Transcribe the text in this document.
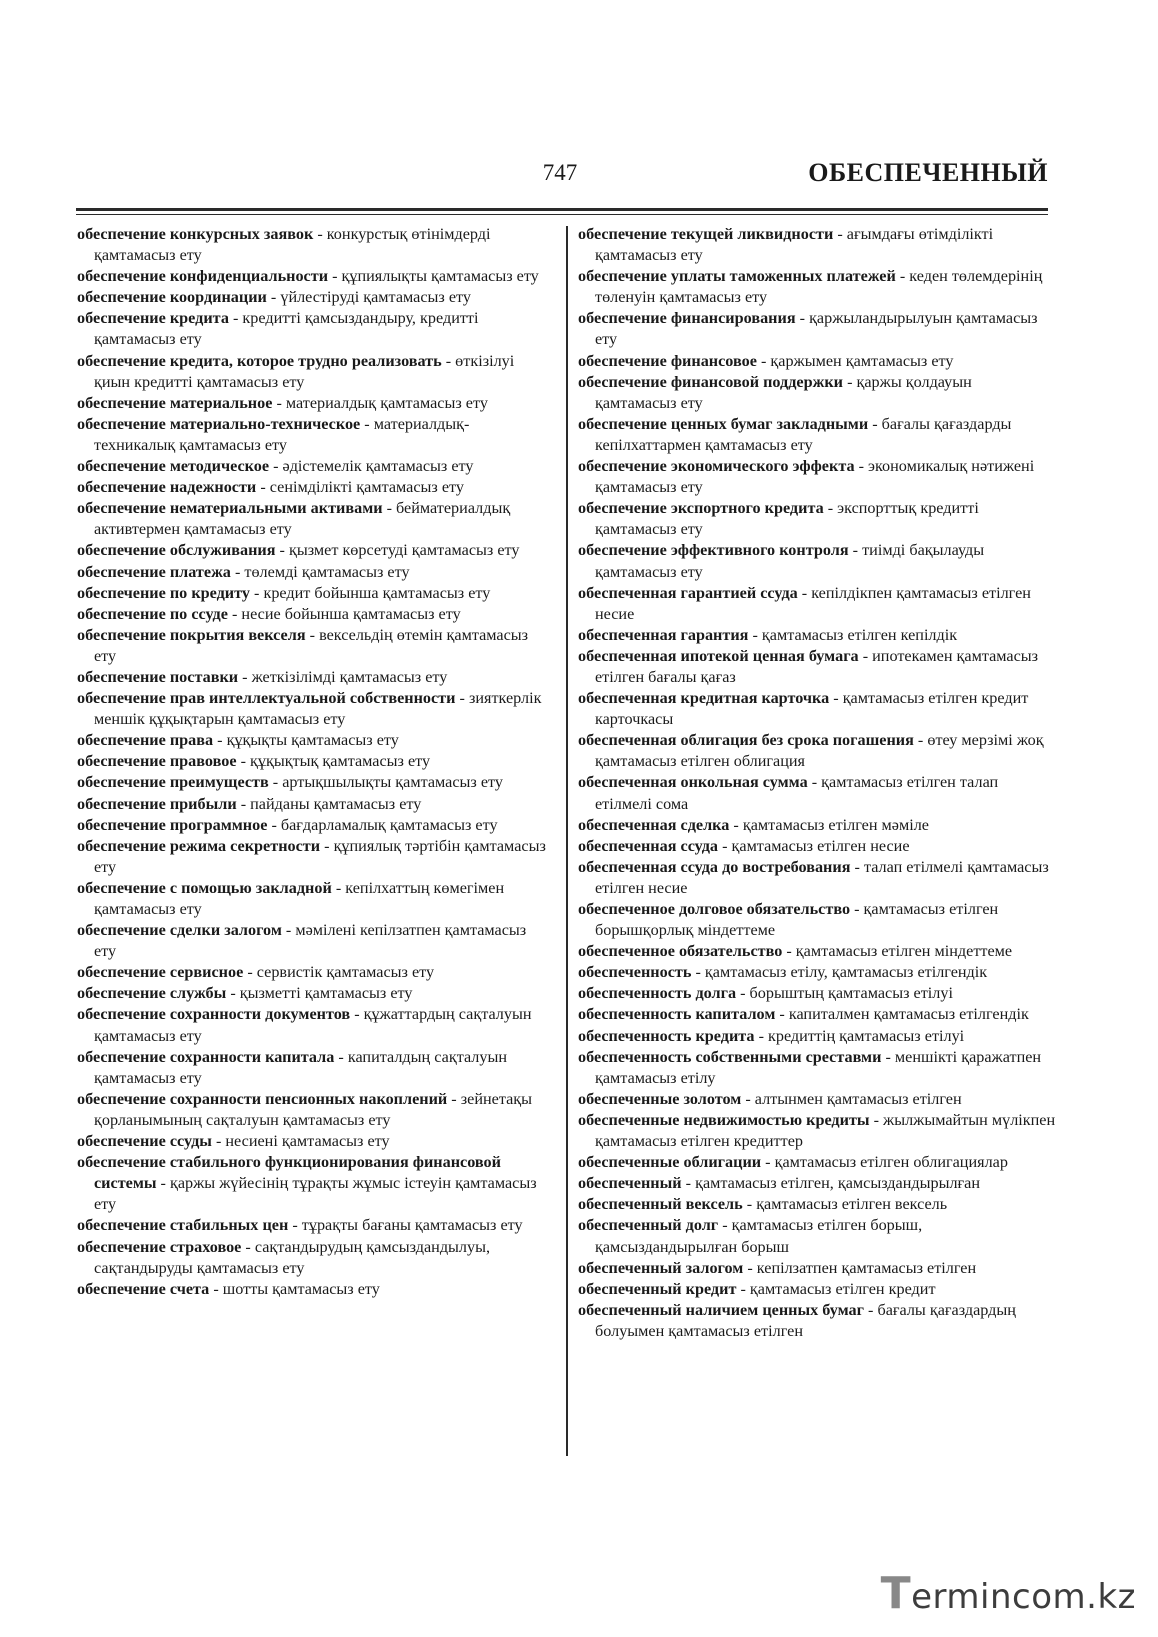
747	ОБЕСПЕЧЕННЫЙ
обеспечение конкурсных заявок - конкурстық өтінімдерді қамтамасыз ету
обеспечение конфиденциальности - құпиялықты қамтамасыз ету
обеспечение координации - үйлестіруді қамтамасыз ету
обеспечение кредита - кредитті қамсыздандыру, кредитті қамтамасыз ету
обеспечение кредита, которое трудно реализовать - өткізілуі қиын кредитті қамтамасыз ету
обеспечение материальное - материалдық қамтамасыз ету
обеспечение материально-техническое - материалдық-техникалық қамтамасыз ету
обеспечение методическое - әдістемелік қамтамасыз ету
обеспечение надежности - сенімділікті қамтамасыз ету
обеспечение нематериальными активами - бейматериалдық активтермен қамтамасыз ету
обеспечение обслуживания - қызмет көрсетуді қамтамасыз ету
обеспечение платежа - төлемді қамтамасыз ету
обеспечение по кредиту - кредит бойынша қамтамасыз ету
обеспечение по ссуде - несие бойынша қамтамасыз ету
обеспечение покрытия векселя - вексельдің өтемін қамтамасыз ету
обеспечение поставки - жеткізілімді қамтамасыз ету
обеспечение прав интеллектуальной собственности - зияткерлік меншік құқықтарын қамтамасыз ету
обеспечение права - құқықты қамтамасыз ету
обеспечение правовое - құқықтық қамтамасыз ету
обеспечение преимуществ - артықшылықты қамтамасыз ету
обеспечение прибыли - пайданы қамтамасыз ету
обеспечение программное - бағдарламалық қамтамасыз ету
обеспечение режима секретности - құпиялық тәртібін қамтамасыз ету
обеспечение с помощью закладной - кепілхаттың көмегімен қамтамасыз ету
обеспечение сделки залогом - мәмілені кепілзатпен қамтамасыз ету
обеспечение сервисное - сервистік қамтамасыз ету
обеспечение службы - қызметті қамтамасыз ету
обеспечение сохранности документов - құжаттардың сақталуын қамтамасыз ету
обеспечение сохранности капитала - капиталдың сақталуын қамтамасыз ету
обеспечение сохранности пенсионных накоплений - зейнетақы қорланымының сақталуын қамтамасыз ету
обеспечение ссуды - несиені қамтамасыз ету
обеспечение стабильного функционирования финансовой системы - қаржы жүйесінің тұрақты жұмыс істеуін қамтамасыз ету
обеспечение стабильных цен - тұрақты бағаны қамтамасыз ету
обеспечение страховое - сақтандырудың қамсыздандылуы, сақтандыруды қамтамасыз ету
обеспечение счета - шотты қамтамасыз ету
обеспечение текущей ликвидности - ағымдағы өтімділікті қамтамасыз ету
обеспечение уплаты таможенных платежей - кеден төлемдерінің төленуін қамтамасыз ету
обеспечение финансирования - қаржыландырылуын қамтамасыз ету
обеспечение финансовое - қаржымен қамтамасыз ету
обеспечение финансовой поддержки - қаржы қолдауын қамтамасыз ету
обеспечение ценных бумаг закладными - бағалы қағаздарды кепілхаттармен қамтамасыз ету
обеспечение экономического эффекта - экономикалық нәтижені қамтамасыз ету
обеспечение экспортного кредита - экспорттық кредитті қамтамасыз ету
обеспечение эффективного контроля - тиімді бақылауды қамтамасыз ету
обеспеченная гарантией ссуда - кепілдікпен қамтамасыз етілген несие
обеспеченная гарантия - қамтамасыз етілген кепілдік
обеспеченная ипотекой ценная бумага - ипотекамен қамтамасыз етілген бағалы қағаз
обеспеченная кредитная карточка - қамтамасыз етілген кредит карточкасы
обеспеченная облигация без срока погашения - өтеу мерзімі жоқ қамтамасыз етілген облигация
обеспеченная онкольная сумма - қамтамасыз етілген талап етілмелі сома
обеспеченная сделка - қамтамасыз етілген мәміле
обеспеченная ссуда - қамтамасыз етілген несие
обеспеченная ссуда до востребования - талап етілмелі қамтамасыз етілген несие
обеспеченное долговое обязательство - қамтамасыз етілген борышқорлық міндеттеме
обеспеченное обязательство - қамтамасыз етілген міндеттеме
обеспеченность - қамтамасыз етілу, қамтамасыз етілгендік
обеспеченность долга - борыштың қамтамасыз етілуі
обеспеченность капиталом - капиталмен қамтамасыз етілгендік
обеспеченность кредита - кредиттің қамтамасыз етілуі
обеспеченность собственными среставми - меншікті қаражатпен қамтамасыз етілу
обеспеченные золотом - алтынмен қамтамасыз етілген
обеспеченные недвижимостью кредиты - жылжымайтын мүлікпен қамтамасыз етілген кредиттер
обеспеченные облигации - қамтамасыз етілген облигациялар
обеспеченный - қамтамасыз етілген, қамсыздандырылған
обеспеченный вексель - қамтамасыз етілген вексель
обеспеченный долг - қамтамасыз етілген борыш, қамсыздандырылған борыш
обеспеченный залогом - кепілзатпен қамтамасыз етілген
обеспеченный кредит - қамтамасыз етілген кредит
обеспеченный наличием ценных бумаг - бағалы қағаздардың болуымен қамтамасыз етілген
Termincom.kz
